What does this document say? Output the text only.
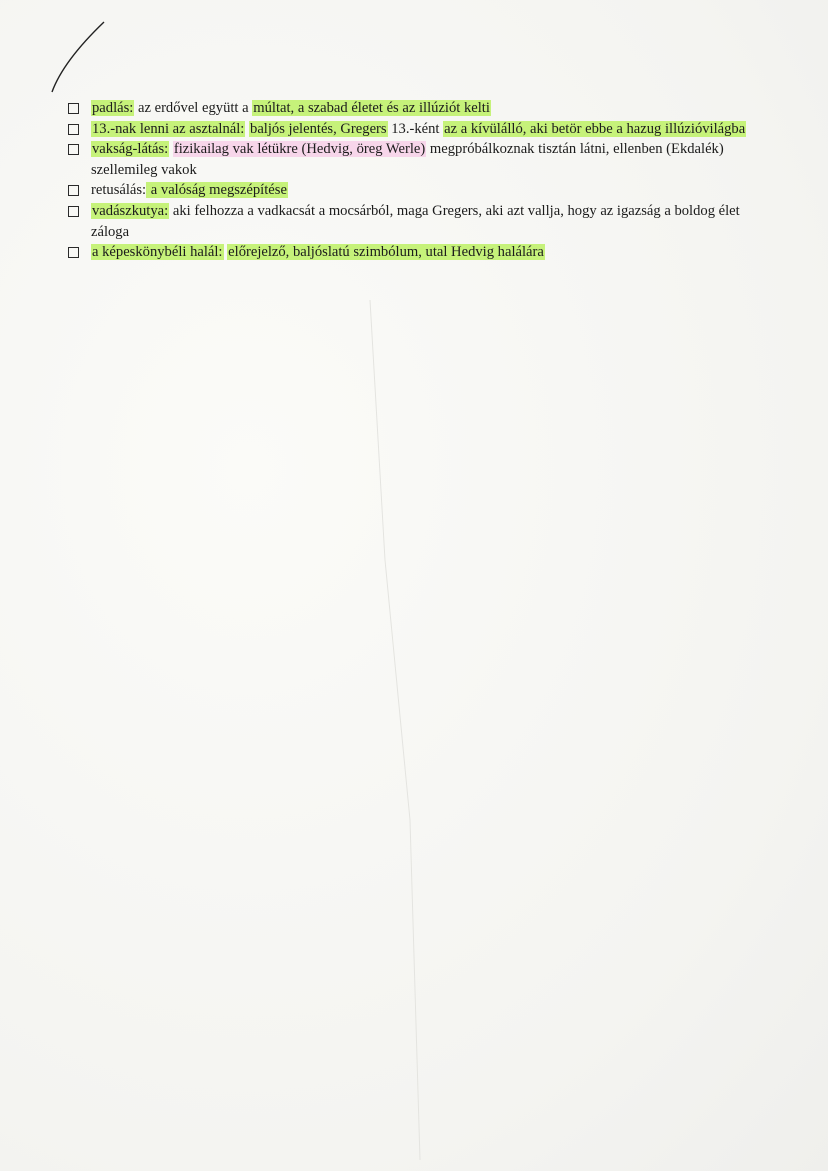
padlás: az erdővel együtt a múltat, a szabad életet és az illúziót kelti
13.-nak lenni az asztalnál: baljós jelentés, Gregers 13.-ként az a kívülálló, aki betör ebbe a hazug illúzióvilágba
vakság-látás: fizikailag vak létükre (Hedvig, öreg Werle) megpróbálkoznak tisztán látni, ellenben (Ekdalék) szellemileg vakok
retusálás: a valóság megszépítése
vadászkutya: aki felhozza a vadkacsát a mocsárból, maga Gregers, aki azt vallja, hogy az igazság a boldog élet záloga
a képeskönybéli halál: előrejelző, baljóslatú szimbólum, utal Hedvig halálára
